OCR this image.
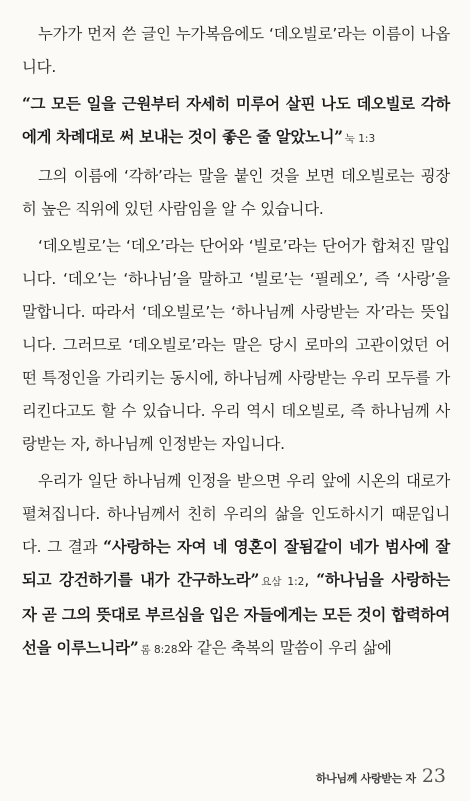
누가가 먼저 쓴 글인 누가복음에도 ‘데오빌로’라는 이름이 나옵니다.

“그 모든 일을 근원부터 자세히 미루어 살핀 나도 데오빌로 각하에게 차례대로 써 보내는 것이 좋은 줄 알았노니” 눅 1:3

그의 이름에 ‘각하’라는 말을 붙인 것을 보면 데오빌로는 굉장히 높은 직위에 있던 사람임을 알 수 있습니다.

‘데오빌로’는 ‘데오’라는 단어와 ‘빌로’라는 단어가 합쳐진 말입니다. ‘데오’는 ‘하나님’을 말하고 ‘빌로’는 ‘필레오’, 즉 ‘사랑’을 말합니다. 따라서 ‘데오빌로’는 ‘하나님께 사랑받는 자’라는 뜻입니다. 그러므로 ‘데오빌로’라는 말은 당시 로마의 고관이었던 어떤 특정인을 가리키는 동시에, 하나님께 사랑받는 우리 모두를 가리킨다고도 할 수 있습니다. 우리 역시 데오빌로, 즉 하나님께 사랑받는 자, 하나님께 인정받는 자입니다.

우리가 일단 하나님께 인정을 받으면 우리 앞에 시온의 대로가 펼쳐집니다. 하나님께서 친히 우리의 삶을 인도하시기 때문입니다. 그 결과 “사랑하는 자여 네 영혼이 잘됨같이 네가 범사에 잘되고 강건하기를 내가 간구하노라” 요삼 1:2, “하나님을 사랑하는 자 곧 그의 뜻대로 부르심을 입은 자들에게는 모든 것이 합력하여 선을 이루느니라” 롬 8:28와 같은 축복의 말씀이 우리 삶에

하나님께 사랑받는 자 23
